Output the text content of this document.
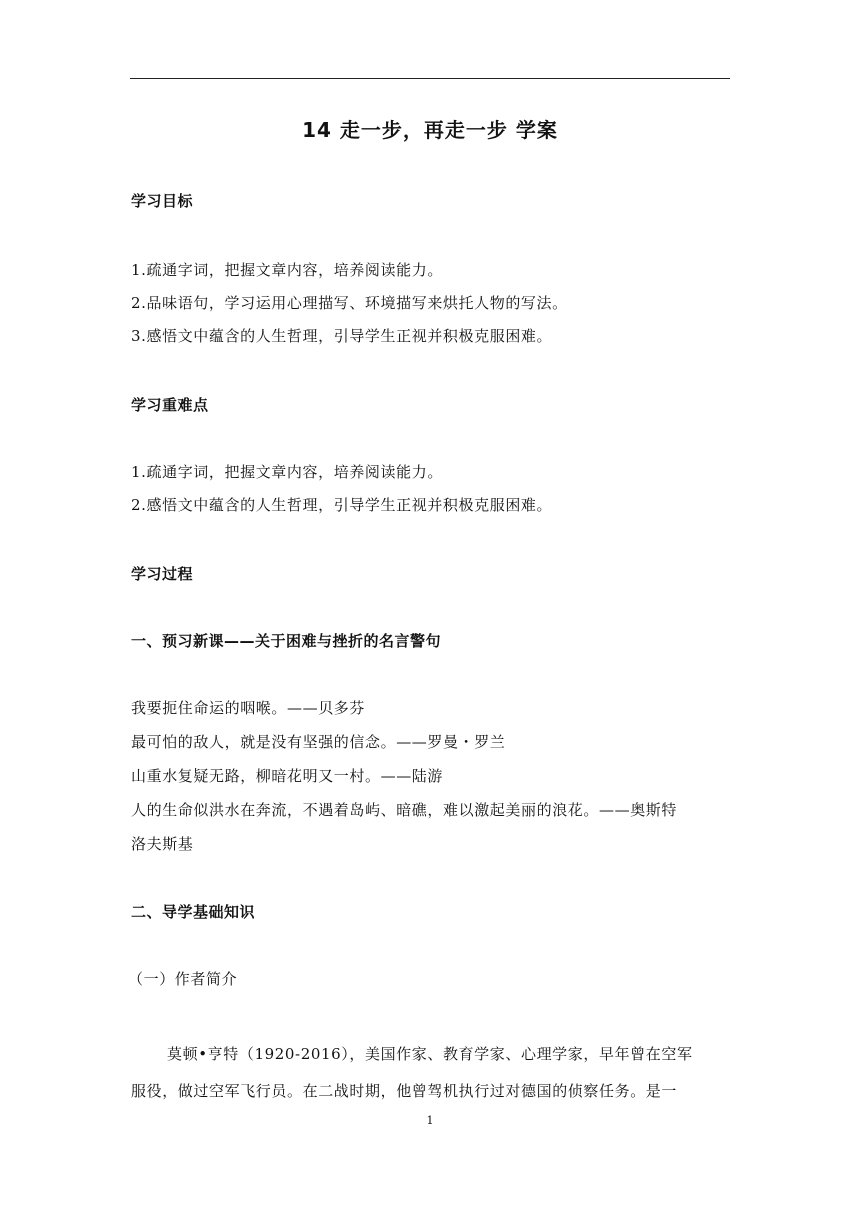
14 走一步，再走一步 学案
学习目标
1.疏通字词，把握文章内容，培养阅读能力。
2.品味语句，学习运用心理描写、环境描写来烘托人物的写法。
3.感悟文中蕴含的人生哲理，引导学生正视并积极克服困难。
学习重难点
1.疏通字词，把握文章内容，培养阅读能力。
2.感悟文中蕴含的人生哲理，引导学生正视并积极克服困难。
学习过程
一、预习新课——关于困难与挫折的名言警句
我要扼住命运的咽喉。——贝多芬
最可怕的敌人，就是没有坚强的信念。——罗曼・罗兰
山重水复疑无路，柳暗花明又一村。——陆游
人的生命似洪水在奔流，不遇着岛屿、暗礁，难以激起美丽的浪花。——奥斯特
洛夫斯基
二、导学基础知识
（一）作者简介
莫顿•亨特（1920-2016），美国作家、教育学家、心理学家，早年曾在空军
服役，做过空军飞行员。在二战时期，他曾驾机执行过对德国的侦察任务。是一
1
